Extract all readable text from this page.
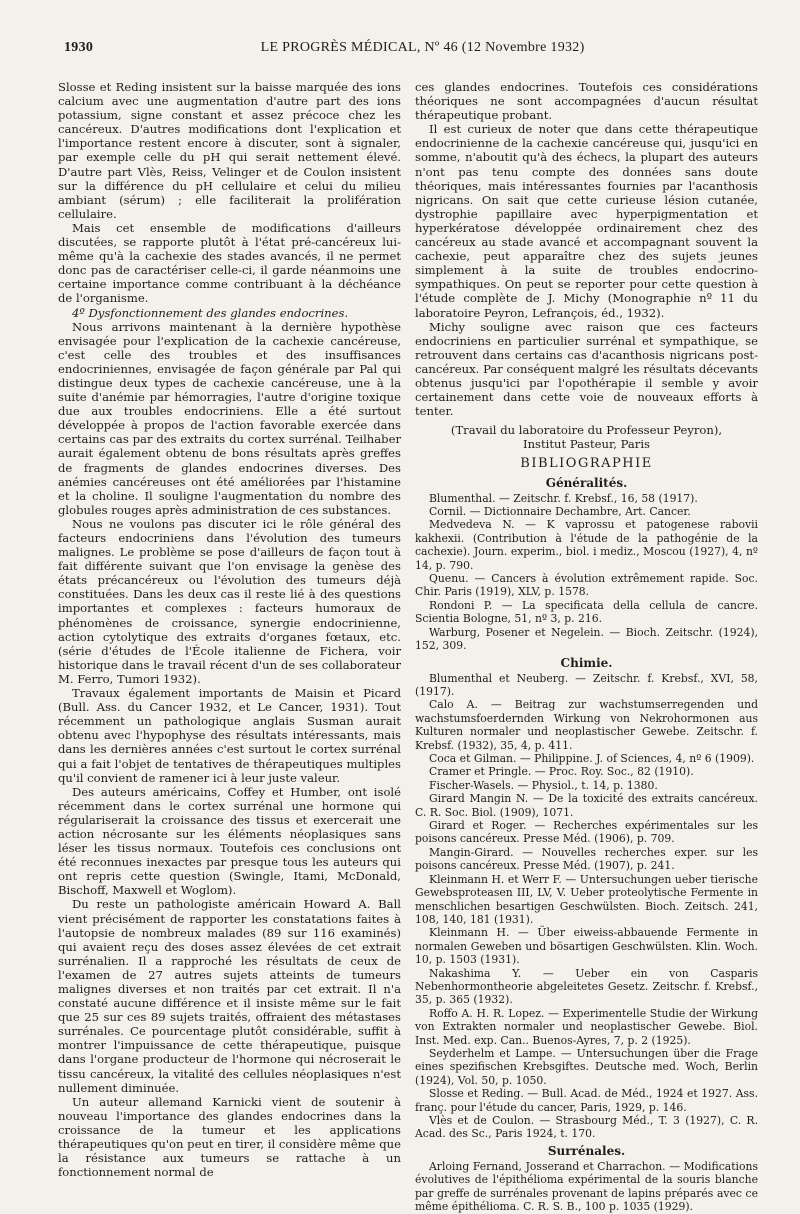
1930	LE PROGRÈS MÉDICAL, Nº 46 (12 Novembre 1932)

Slosse et Reding insistent sur la baisse marquée des ions calcium avec une augmentation d'autre part des ions potassium, signe constant et assez précoce chez les cancéreux. D'autres modifications dont l'explication et l'importance restent encore à discuter, sont à signaler, par exemple celle du pH qui serait nettement élevé. D'autre part Vlès, Reiss, Velinger et de Coulon insistent sur la différence du pH cellulaire et celui du milieu ambiant (sérum) ; elle faciliterait la prolifération cellulaire.

Mais cet ensemble de modifications d'ailleurs discutées, se rapporte plutôt à l'état pré-cancéreux lui-même qu'à la cachexie des stades avancés, il ne permet donc pas de caractériser celle-ci, il garde néanmoins une certaine importance comme contribuant à la déchéance de l'organisme.

4º Dysfonctionnement des glandes endocrines.

Nous arrivons maintenant à la dernière hypothèse envisagée pour l'explication de la cachexie cancéreuse, c'est celle des troubles et des insuffisances endocriniennes, envisagée de façon générale par Pal qui distingue deux types de cachexie cancéreuse, une à la suite d'anémie par hémorragies, l'autre d'origine toxique due aux troubles endocriniens. Elle a été surtout développée à propos de l'action favorable exercée dans certains cas par des extraits du cortex surrénal. Teilhaber aurait également obtenu de bons résultats après greffes de fragments de glandes endocrines diverses. Des anémies cancéreuses ont été améliorées par l'histamine et la choline. Il souligne l'augmentation du nombre des globules rouges après administration de ces substances.

Nous ne voulons pas discuter ici le rôle général des facteurs endocriniens dans l'évolution des tumeurs malignes. Le problème se pose d'ailleurs de façon tout à fait différente suivant que l'on envisage la genèse des états précancéreux ou l'évolution des tumeurs déjà constituées. Dans les deux cas il reste lié à des questions importantes et complexes : facteurs humoraux de phénomènes de croissance, synergie endocrinienne, action cytolytique des extraits d'organes fœtaux, etc. (série d'études de l'École italienne de Fichera, voir historique dans le travail récent d'un de ses collaborateur M. Ferro, Tumori 1932).

Travaux également importants de Maisin et Picard (Bull. Ass. du Cancer 1932, et Le Cancer, 1931). Tout récemment un pathologique anglais Susman aurait obtenu avec l'hypophyse des résultats intéressants, mais dans les dernières années c'est surtout le cortex surrénal qui a fait l'objet de tentatives de thérapeutiques multiples qu'il convient de ramener ici à leur juste valeur.

Des auteurs américains, Coffey et Humber, ont isolé récemment dans le cortex surrénal une hormone qui régulariserait la croissance des tissus et exercerait une action nécrosante sur les éléments néoplasiques sans léser les tissus normaux. Toutefois ces conclusions ont été reconnues inexactes par presque tous les auteurs qui ont repris cette question (Swingle, Itami, McDonald, Bischoff, Maxwell et Woglom).

Du reste un pathologiste américain Howard A. Ball vient précisément de rapporter les constatations faites à l'autopsie de nombreux malades (89 sur 116 examinés) qui avaient reçu des doses assez élevées de cet extrait surrénalien. Il a rapproché les résultats de ceux de l'examen de 27 autres sujets atteints de tumeurs malignes diverses et non traités par cet extrait. Il n'a constaté aucune différence et il insiste même sur le fait que 25 sur ces 89 sujets traités, offraient des métastases surrénales. Ce pourcentage plutôt considérable, suffit à montrer l'impuissance de cette thérapeutique, puisque dans l'organe producteur de l'hormone qui nécroserait le tissu cancéreux, la vitalité des cellules néoplasiques n'est nullement diminuée.

Un auteur allemand Karnicki vient de soutenir à nouveau l'importance des glandes endocrines dans la croissance de la tumeur et les applications thérapeutiques qu'on peut en tirer, il considère même que la résistance aux tumeurs se rattache à un fonctionnement normal de

ces glandes endocrines. Toutefois ces considérations théoriques ne sont accompagnées d'aucun résultat thérapeutique probant.

Il est curieux de noter que dans cette thérapeutique endocrinienne de la cachexie cancéreuse qui, jusqu'ici en somme, n'aboutit qu'à des échecs, la plupart des auteurs n'ont pas tenu compte des données sans doute théoriques, mais intéressantes fournies par l'acanthosis nigricans. On sait que cette curieuse lésion cutanée, dystrophie papillaire avec hyperpigmentation et hyperkératose développée ordinairement chez des cancéreux au stade avancé et accompagnant souvent la cachexie, peut apparaître chez des sujets jeunes simplement à la suite de troubles endocrino-sympathiques. On peut se reporter pour cette question à l'étude complète de J. Michy (Monographie nº 11 du laboratoire Peyron, Lefrançois, éd., 1932).

Michy souligne avec raison que ces facteurs endocriniens en particulier surrénal et sympathique, se retrouvent dans certains cas d'acanthosis nigricans post-cancéreux. Par conséquent malgré les résultats décevants obtenus jusqu'ici par l'opothérapie il semble y avoir certainement dans cette voie de nouveaux efforts à tenter.

(Travail du laboratoire du Professeur Peyron),
Institut Pasteur, Paris

BIBLIOGRAPHIE
Généralités.

Blumenthal. — Zeitschr. f. Krebsf., 16, 58 (1917).

Cornil. — Dictionnaire Dechambre, Art. Cancer.

Medvedeva N. — K vaprossu et patogenese rabovii kakhexii. (Contribution à l'étude de la pathogénie de la cachexie). Journ. experim., biol. i mediz., Moscou (1927), 4, nº 14, p. 790.

Quenu. — Cancers à évolution extrêmement rapide. Soc. Chir. Paris (1919), XLV, p. 1578.

Rondoni P. — La specificata della cellula de cancre. Scientia Bologne, 51, nº 3, p. 216.

Warburg, Posener et Negelein. — Bioch. Zeitschr. (1924), 152, 309.

Chimie.

Blumenthal et Neuberg. — Zeitschr. f. Krebsf., XVI, 58, (1917).

Calo A. — Beitrag zur wachstumserregenden und wachstumsfoerdernden Wirkung von Nekrohormonen aus Kulturen normaler und neoplastischer Gewebe. Zeitschr. f. Krebsf. (1932), 35, 4, p. 411.

Coca et Gilman. — Philippine. J. of Sciences, 4, nº 6 (1909).

Cramer et Pringle. — Proc. Roy. Soc., 82 (1910).

Fischer-Wasels. — Physiol., t. 14, p. 1380.

Girard Mangin N. — De la toxicité des extraits cancéreux. C. R. Soc. Biol. (1909), 1071.

Girard et Roger. — Recherches expérimentales sur les poisons cancéreux. Presse Méd. (1906), p. 709.

Mangin-Girard. — Nouvelles recherches exper. sur les poisons cancéreux. Presse Méd. (1907), p. 241.

Kleinmann H. et Werr F. — Untersuchungen ueber tierische Gewebsproteasen III, LV, V. Ueber proteolytische Fermente in menschlichen besartigen Geschwülsten. Bioch. Zeitsch. 241, 108, 140, 181 (1931).

Kleinmann H. — Über eiweiss-abbauende Fermente in normalen Geweben und bösartigen Geschwülsten. Klin. Woch. 10, p. 1503 (1931).

Nakashima Y. — Ueber ein von Casparis Nebenhormontheorie abgeleitetes Gesetz. Zeitschr. f. Krebsf., 35, p. 365 (1932).

Roffo A. H. R. Lopez. — Experimentelle Studie der Wirkung von Extrakten normaler und neoplastischer Gewebe. Biol. Inst. Med. exp. Can.. Buenos-Ayres, 7, p. 2 (1925).

Seyderhelm et Lampe. — Untersuchungen über die Frage eines spezifischen Krebsgiftes. Deutsche med. Woch, Berlin (1924), Vol. 50, p. 1050.

Slosse et Reding. — Bull. Acad. de Méd., 1924 et 1927. Ass. franç. pour l'étude du cancer, Paris, 1929, p. 146.

Vlès et de Coulon. — Strasbourg Méd., T. 3 (1927), C. R. Acad. des Sc., Paris 1924, t. 170.

Surrénales.

Arloing Fernand, Josserand et Charrachon. — Modifications évolutives de l'épithélioma expérimental de la souris blanche par greffe de surrénales provenant de lapins préparés avec ce même épithélioma. C. R. S. B., 100 p. 1035 (1929).
